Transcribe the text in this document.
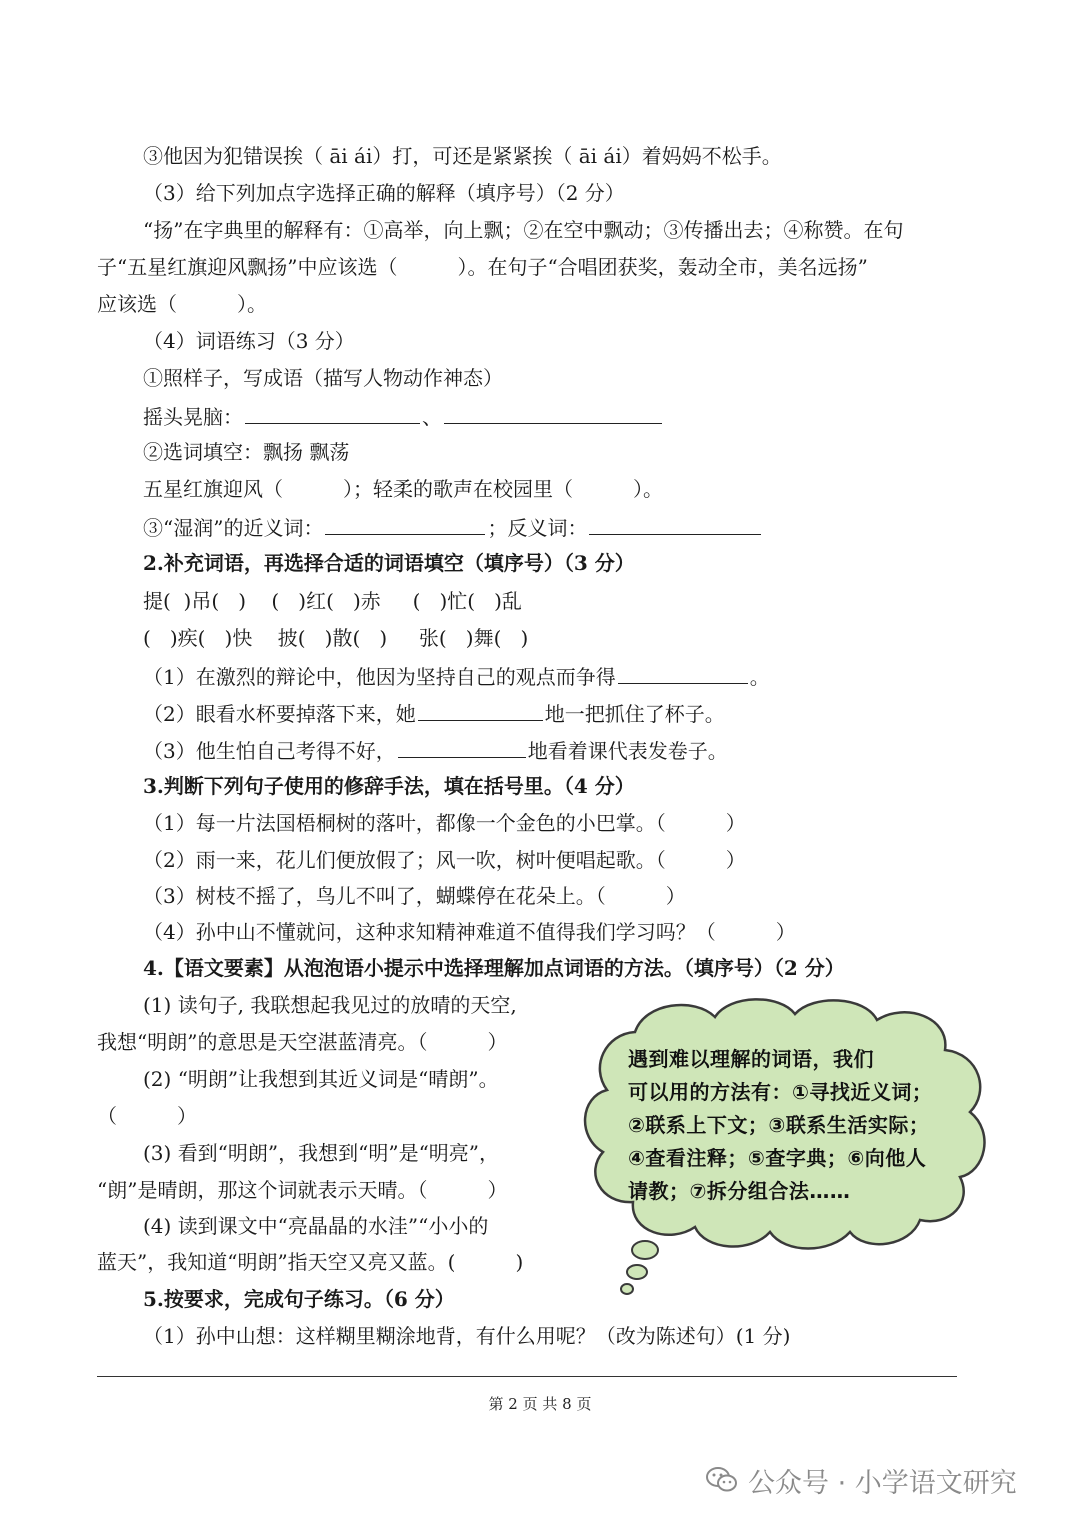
③他因为犯错误挨（ āi ái）打，可还是紧紧挨（ āi ái）着妈妈不松手。
（3）给下列加点字选择正确的解释（填序号）（2 分）
“扬”在字典里的解释有：①高举，向上飘；②在空中飘动；③传播出去；④称赞。在句
子“五星红旗迎风飘扬”中应该选（　　　）。在句子“合唱团获奖，轰动全市，美名远扬”
应该选（　　　）。
（4）词语练习（3 分）
①照样子，写成语（描写人物动作神态）
摇头晃脑：	、
②选词填空：飘扬 飘荡
五星红旗迎风（　　　）；轻柔的歌声在校园里（　　　）。
③“湿润”的近义词：	；反义词：
2.补充词语，再选择合适的词语填空（填序号）（3 分）
提(  )吊(   )    (   )红(   )赤     (   )忙(   )乱
(   )疾(   )快    披(   )散(   )     张(   )舞(   )
（1）在激烈的辩论中，他因为坚持自己的观点而争得	。
（2）眼看水杯要掉落下来，她	地一把抓住了杯子。
（3）他生怕自己考得不好，	地看着课代表发卷子。
3.判断下列句子使用的修辞手法，填在括号里。（4 分）
（1）每一片法国梧桐树的落叶，都像一个金色的小巴掌。（　　　）
（2）雨一来，花儿们便放假了；风一吹，树叶便唱起歌。（　　　）
（3）树枝不摇了，鸟儿不叫了，蝴蝶停在花朵上。（　　　）
（4）孙中山不懂就问，这种求知精神难道不值得我们学习吗？（　　　）
4.【语文要素】从泡泡语小提示中选择理解加点词语的方法。（填序号）（2 分）
(1) 读句子, 我联想起我见过的放晴的天空,
我想“明朗”的意思是天空湛蓝清亮。（　　　）
(2) “明朗”让我想到其近义词是“晴朗”。
（　　　）
(3) 看到“明朗”，我想到“明”是“明亮”，
“朗”是晴朗，那这个词就表示天晴。（　　　）
(4) 读到课文中“亮晶晶的水洼”“小小的
蓝天”，我知道“明朗”指天空又亮又蓝。(　　　)
遇到难以理解的词语，我们
可以用的方法有：①寻找近义词；
②联系上下文；③联系生活实际；
④查看注释；⑤查字典；⑥向他人
请教；⑦拆分组合法……
5.按要求，完成句子练习。（6 分）
（1）孙中山想：这样糊里糊涂地背，有什么用呢？（改为陈述句）(1 分)
第 2 页 共 8 页
公众号 · 小学语文研究
